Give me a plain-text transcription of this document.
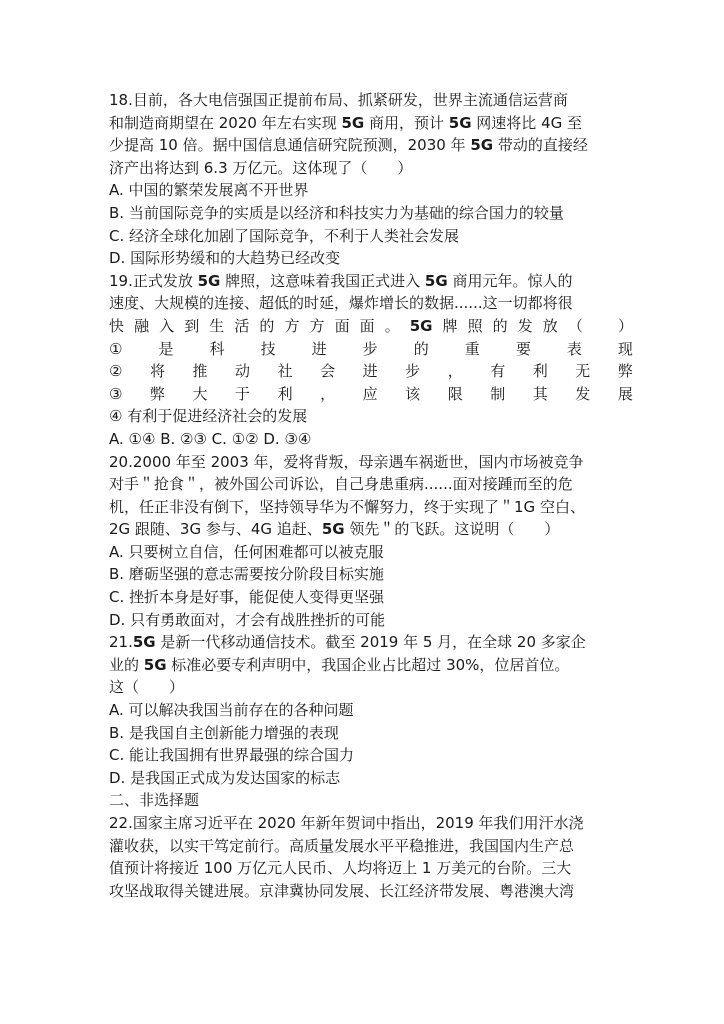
18.目前，各大电信强国正提前布局、抓紧研发，世界主流通信运营商
和制造商期望在 2020 年左右实现 5G 商用，预计 5G 网速将比 4G 至
少提高 10 倍。据中国信息通信研究院预测，2030 年 5G 带动的直接经
济产出将达到 6.3 万亿元。这体现了（　　）
A. 中国的繁荣发展离不开世界
B. 当前国际竞争的实质是以经济和科技实力为基础的综合国力的较量
C. 经济全球化加剧了国际竞争，不利于人类社会发展
D. 国际形势缓和的大趋势已经改变
19.正式发放 5G 牌照，这意味着我国正式进入 5G 商用元年。惊人的
速度、大规模的连接、超低的时延，爆炸增长的数据......这一切都将很
快 融 入 到 生 活 的 方 方 面 面 。 5G 牌 照 的 发 放 （
　 ）
① 是 科 技 进 步 的 重 要 表 现
② 将 推 动 社 会 进 步 ， 有 利 无 弊
③ 弊 大 于 利 ， 应 该 限 制 其 发 展
④ 有利于促进经济社会的发展
A. ①④ B. ②③ C. ①② D. ③④
20.2000 年至 2003 年，爱将背叛，母亲遇车祸逝世，国内市场被竞争
对手＂抢食＂，被外国公司诉讼，自己身患重病......面对接踵而至的危
机，任正非没有倒下，坚持领导华为不懈努力，终于实现了＂1G 空白、
2G 跟随、3G 参与、4G 追赶、5G 领先＂的飞跃。这说明（　　）
A. 只要树立自信，任何困难都可以被克服
B. 磨砺坚强的意志需要按分阶段目标实施
C. 挫折本身是好事，能促使人变得更坚强
D. 只有勇敢面对，才会有战胜挫折的可能
21.5G 是新一代移动通信技术。截至 2019 年 5 月，在全球 20 多家企
业的 5G 标准必要专利声明中，我国企业占比超过 30%，位居首位。
这（　　）
A. 可以解决我国当前存在的各种问题
B. 是我国自主创新能力增强的表现
C. 能让我国拥有世界最强的综合国力
D. 是我国正式成为发达国家的标志
二、非选择题
22.国家主席习近平在 2020 年新年贺词中指出，2019 年我们用汗水浇
灌收获，以实干笃定前行。高质量发展水平平稳推进，我国国内生产总
值预计将接近 100 万亿元人民币、人均将迈上 1 万美元的台阶。三大
攻坚战取得关键进展。京津冀协同发展、长江经济带发展、粤港澳大湾
